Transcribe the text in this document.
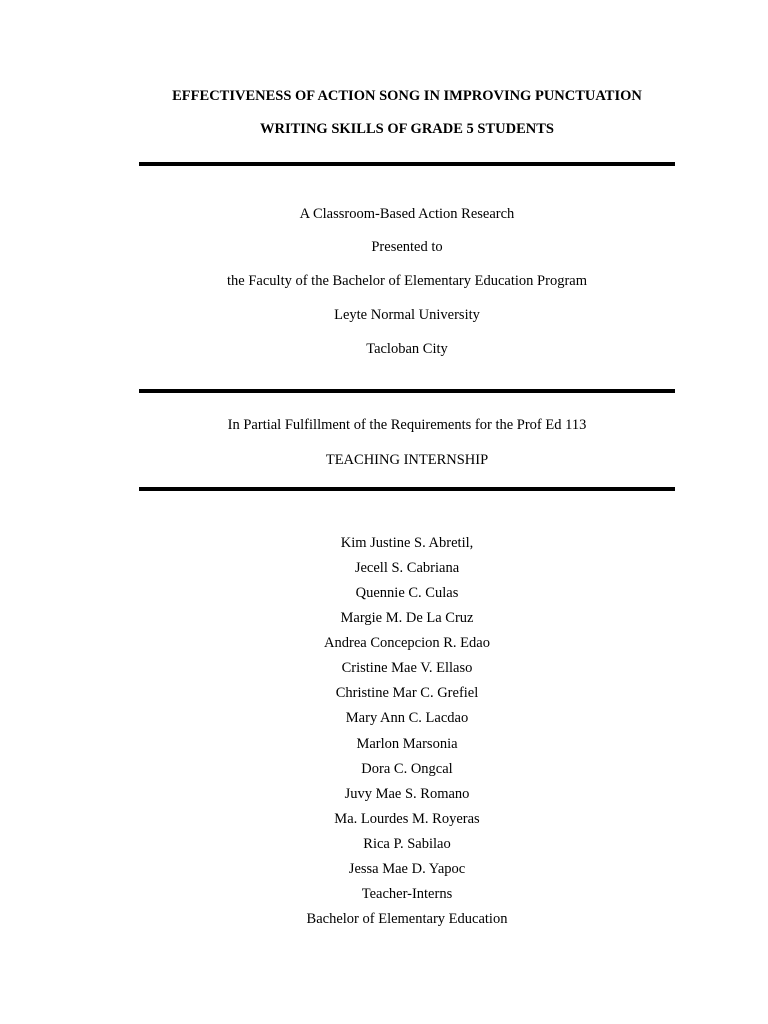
EFFECTIVENESS OF ACTION SONG IN IMPROVING PUNCTUATION
WRITING SKILLS OF GRADE 5 STUDENTS
A Classroom-Based Action Research
Presented to
the Faculty of the Bachelor of Elementary Education Program
Leyte Normal University
Tacloban City
In Partial Fulfillment of the Requirements for the Prof Ed 113
TEACHING INTERNSHIP
Kim Justine S. Abretil,
Jecell S. Cabriana
Quennie C. Culas
Margie M. De La Cruz
Andrea Concepcion R. Edao
Cristine Mae V. Ellaso
Christine Mar C. Grefiel
Mary Ann C. Lacdao
Marlon Marsonia
Dora C. Ongcal
Juvy Mae S. Romano
Ma. Lourdes M. Royeras
Rica P. Sabilao
Jessa Mae D. Yapoc
Teacher-Interns
Bachelor of Elementary Education
